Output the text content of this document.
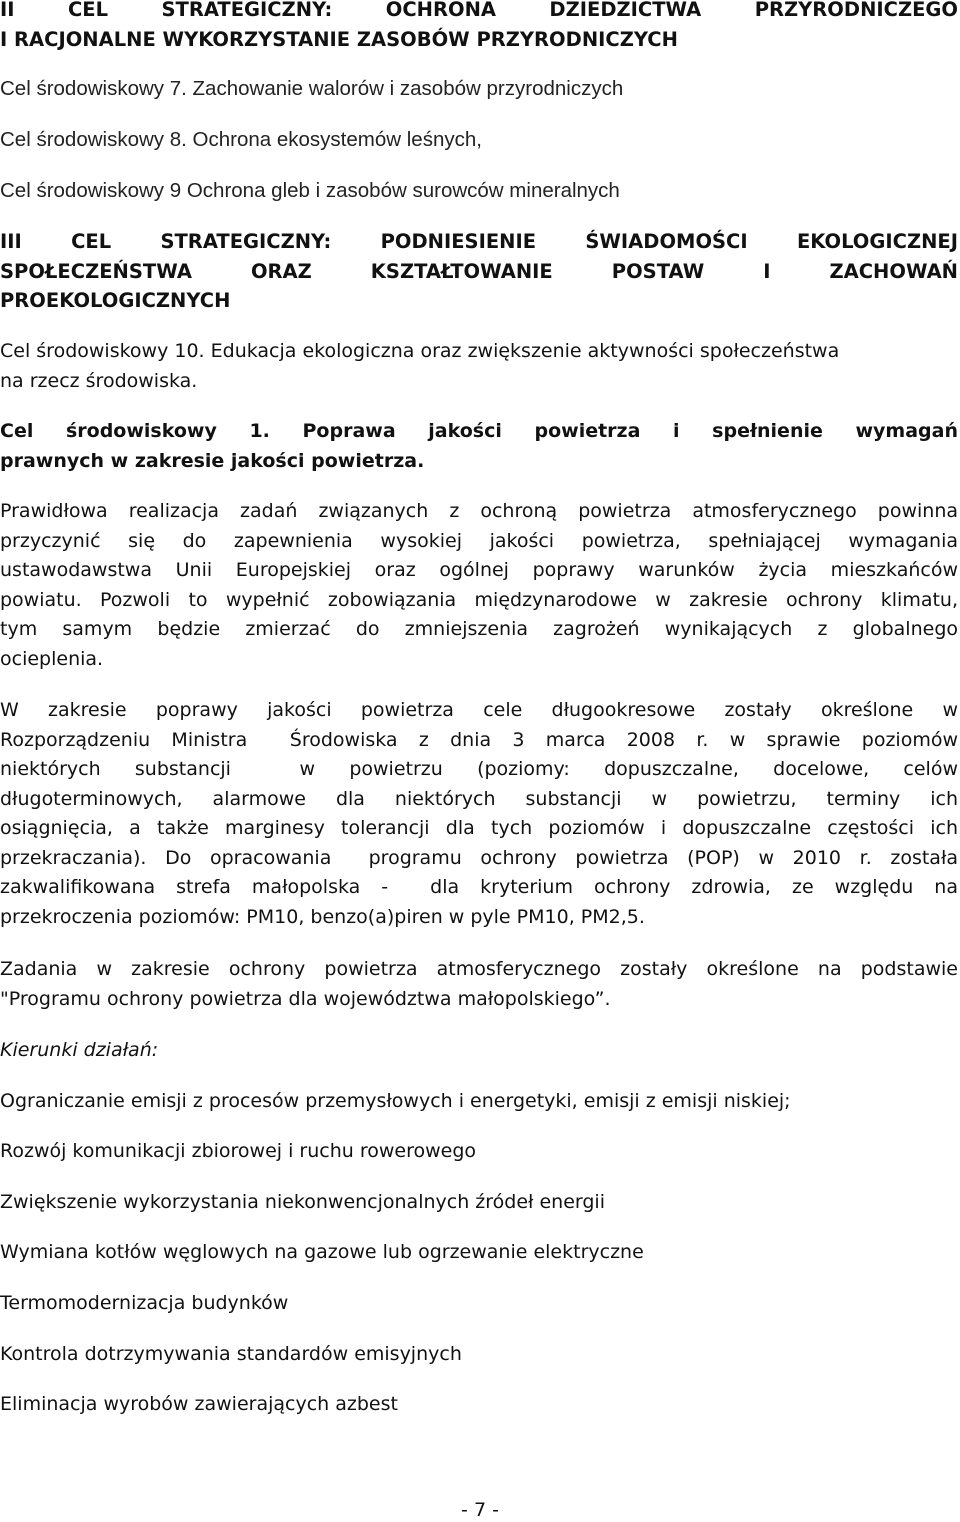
II CEL STRATEGICZNY: OCHRONA DZIEDZICTWA PRZYRODNICZEGO
I RACJONALNE WYKORZYSTANIE ZASOBÓW PRZYRODNICZYCH
Cel środowiskowy 7. Zachowanie walorów i zasobów przyrodniczych
Cel środowiskowy 8. Ochrona ekosystemów leśnych,
Cel środowiskowy 9 Ochrona gleb i zasobów surowców mineralnych
III CEL STRATEGICZNY: PODNIESIENIE ŚWIADOMOŚCI EKOLOGICZNEJ
SPOŁECZEŃSTWA ORAZ KSZTAŁTOWANIE POSTAW I ZACHOWAŃ
PROEKOLOGICZNYCH
Cel środowiskowy 10. Edukacja ekologiczna oraz zwiększenie aktywności społeczeństwa
na rzecz środowiska.
Cel środowiskowy 1. Poprawa jakości powietrza i spełnienie wymagań
prawnych w zakresie jakości powietrza.
Prawidłowa realizacja zadań związanych z ochroną powietrza atmosferycznego powinna
przyczynić się do zapewnienia wysokiej jakości powietrza, spełniającej wymagania
ustawodawstwa Unii Europejskiej oraz ogólnej poprawy warunków życia mieszkańców
powiatu. Pozwoli to wypełnić zobowiązania międzynarodowe w zakresie ochrony klimatu,
tym samym będzie zmierzać do zmniejszenia zagrożeń wynikających z globalnego
ocieplenia.
W zakresie poprawy jakości powietrza cele długookresowe zostały określone w
Rozporządzeniu Ministra  Środowiska z dnia 3 marca 2008 r. w sprawie poziomów
niektórych substancji  w powietrzu (poziomy: dopuszczalne, docelowe, celów
długoterminowych, alarmowe dla niektórych substancji w powietrzu, terminy ich
osiągnięcia, a także marginesy tolerancji dla tych poziomów i dopuszczalne częstości ich
przekraczania). Do opracowania  programu ochrony powietrza (POP) w 2010 r. została
zakwalifikowana strefa małopolska -  dla kryterium ochrony zdrowia, ze względu na
przekroczenia poziomów: PM10, benzo(a)piren w pyle PM10, PM2,5.
Zadania w zakresie ochrony powietrza atmosferycznego zostały określone na podstawie
"Programu ochrony powietrza dla województwa małopolskiego”.
Kierunki działań:
Ograniczanie emisji z procesów przemysłowych i energetyki, emisji z emisji niskiej;
Rozwój komunikacji zbiorowej i ruchu rowerowego
Zwiększenie wykorzystania niekonwencjonalnych źródeł energii
Wymiana kotłów węglowych na gazowe lub ogrzewanie elektryczne
Termomodernizacja budynków
Kontrola dotrzymywania standardów emisyjnych
Eliminacja wyrobów zawierających azbest
- 7 -
